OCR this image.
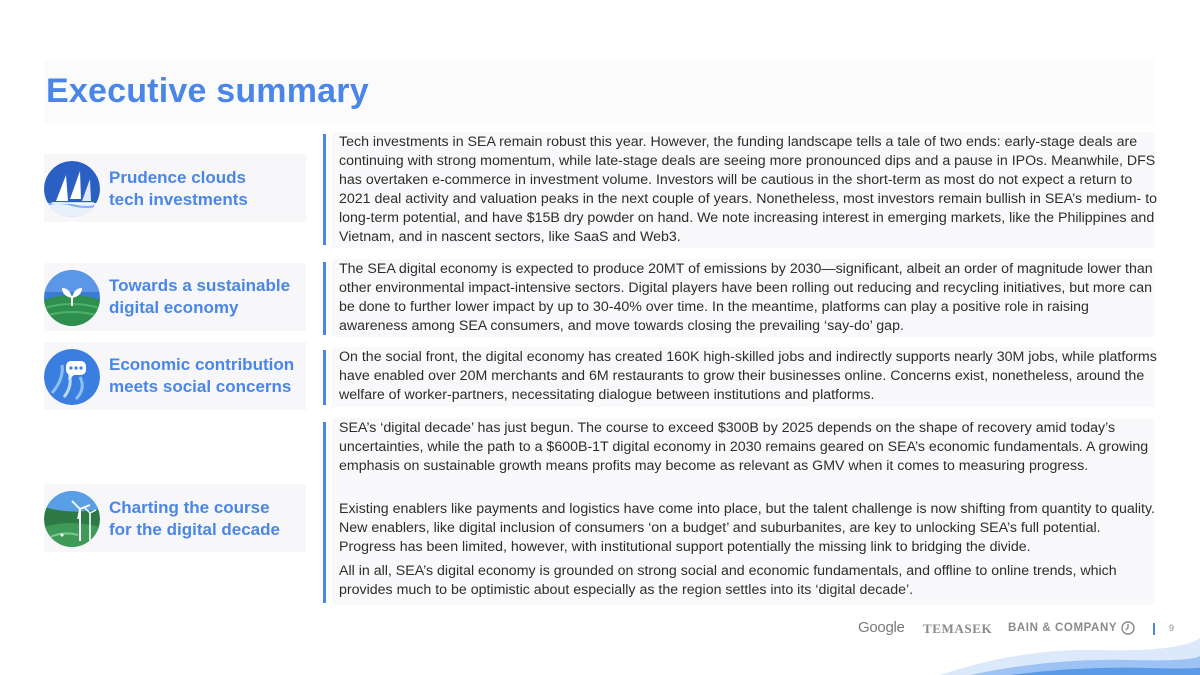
Executive summary
Prudence clouds
tech investments
Tech investments in SEA remain robust this year. However, the funding landscape tells a tale of two ends: early-stage deals are continuing with strong momentum, while late-stage deals are seeing more pronounced dips and a pause in IPOs. Meanwhile, DFS has overtaken e-commerce in investment volume. Investors will be cautious in the short-term as most do not expect a return to 2021 deal activity and valuation peaks in the next couple of years. Nonetheless, most investors remain bullish in SEA’s medium- to long-term potential, and have $15B dry powder on hand. We note increasing interest in emerging markets, like the Philippines and Vietnam, and in nascent sectors, like SaaS and Web3.
Towards a sustainable
digital economy
The SEA digital economy is expected to produce 20MT of emissions by 2030—significant, albeit an order of magnitude lower than other environmental impact-intensive sectors. Digital players have been rolling out reducing and recycling initiatives, but more can be done to further lower impact by up to 30-40% over time. In the meantime, platforms can play a positive role in raising awareness among SEA consumers, and move towards closing the prevailing ‘say-do’ gap.
Economic contribution
meets social concerns
On the social front, the digital economy has created 160K high-skilled jobs and indirectly supports nearly 30M jobs, while platforms have enabled over 20M merchants and 6M restaurants to grow their businesses online. Concerns exist, nonetheless, around the welfare of worker-partners, necessitating dialogue between institutions and platforms.
Charting the course
for the digital decade
SEA’s ‘digital decade’ has just begun. The course to exceed $300B by 2025 depends on the shape of recovery amid today’s uncertainties, while the path to a $600B-1T digital economy in 2030 remains geared on SEA’s economic fundamentals. A growing emphasis on sustainable growth means profits may become as relevant as GMV when it comes to measuring progress.
Existing enablers like payments and logistics have come into place, but the talent challenge is now shifting from quantity to quality. New enablers, like digital inclusion of consumers ‘on a budget’ and suburbanites, are key to unlocking SEA’s full potential. Progress has been limited, however, with institutional support potentially the missing link to bridging the divide.
All in all, SEA’s digital economy is grounded on strong social and economic fundamentals, and offline to online trends, which provides much to be optimistic about especially as the region settles into its ‘digital decade’.
Google TEMASEK BAIN & COMPANY	9
